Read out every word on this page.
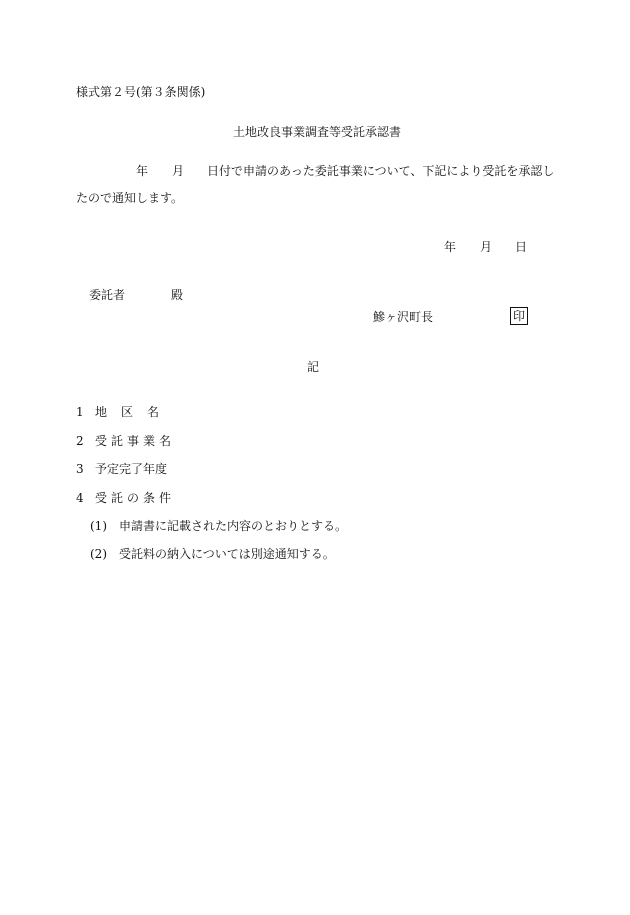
様式第２号(第３条関係)
土地改良事業調査等受託承認書
年 月 日付で申請のあった委託事業について、下記により受託を承認し
たので通知します。
年 月 日
委託者	殿
鰺ヶ沢町長	印
記
1 地区名
2 受託事業名
3 予定完了年度
4 受託の条件
(1) 申請書に記載された内容のとおりとする。
(2) 受託料の納入については別途通知する。
